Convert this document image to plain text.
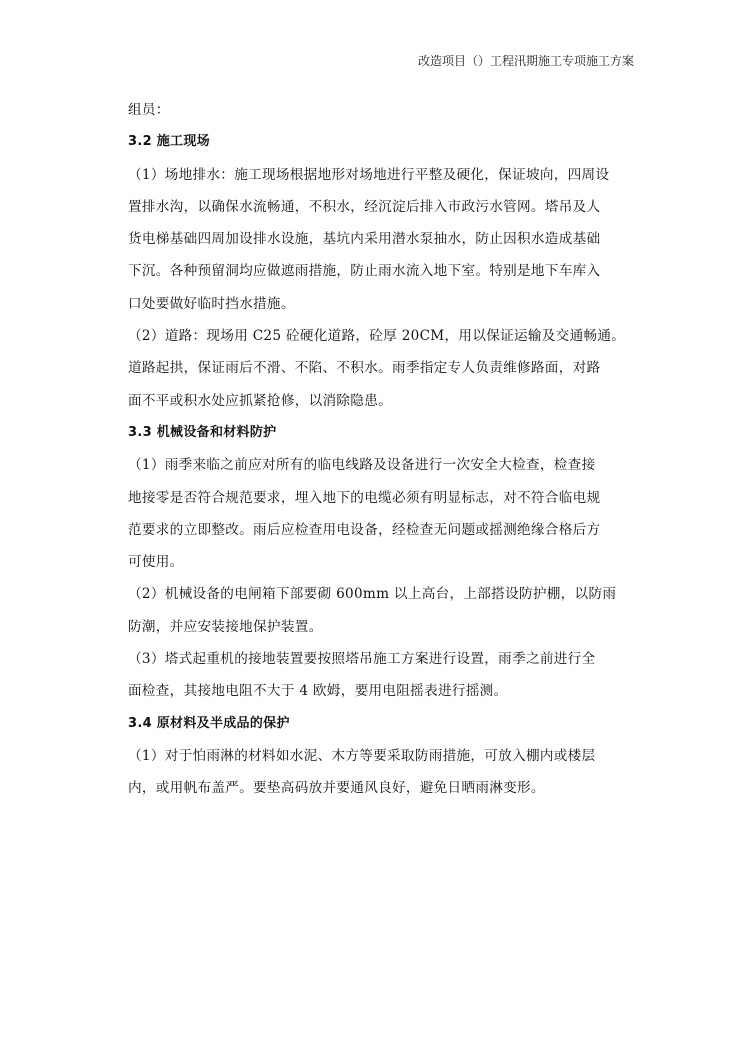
改造项目（）工程汛期施工专项施工方案

组员：

3.2 施工现场

（1）场地排水：施工现场根据地形对场地进行平整及硬化，保证坡向，四周设

置排水沟，以确保水流畅通，不积水，经沉淀后排入市政污水管网。塔吊及人

货电梯基础四周加设排水设施，基坑内采用潜水泵抽水，防止因积水造成基础

下沉。各种预留洞均应做遮雨措施，防止雨水流入地下室。特别是地下车库入

口处要做好临时挡水措施。

（2）道路：现场用 C25 砼硬化道路，砼厚 20CM，用以保证运输及交通畅通。

道路起拱，保证雨后不滑、不陷、不积水。雨季指定专人负责维修路面，对路

面不平或积水处应抓紧抢修，以消除隐患。

3.3 机械设备和材料防护

（1）雨季来临之前应对所有的临电线路及设备进行一次安全大检查，检查接

地接零是否符合规范要求，埋入地下的电缆必须有明显标志，对不符合临电规

范要求的立即整改。雨后应检查用电设备，经检查无问题或摇测绝缘合格后方

可使用。

（2）机械设备的电闸箱下部要砌 600mm 以上高台，上部搭设防护棚，以防雨

防潮，并应安装接地保护装置。

（3）塔式起重机的接地装置要按照塔吊施工方案进行设置，雨季之前进行全

面检查，其接地电阻不大于 4 欧姆，要用电阻摇表进行摇测。

3.4 原材料及半成品的保护

（1）对于怕雨淋的材料如水泥、木方等要采取防雨措施，可放入棚内或楼层

内，或用帆布盖严。要垫高码放并要通风良好，避免日晒雨淋变形。
